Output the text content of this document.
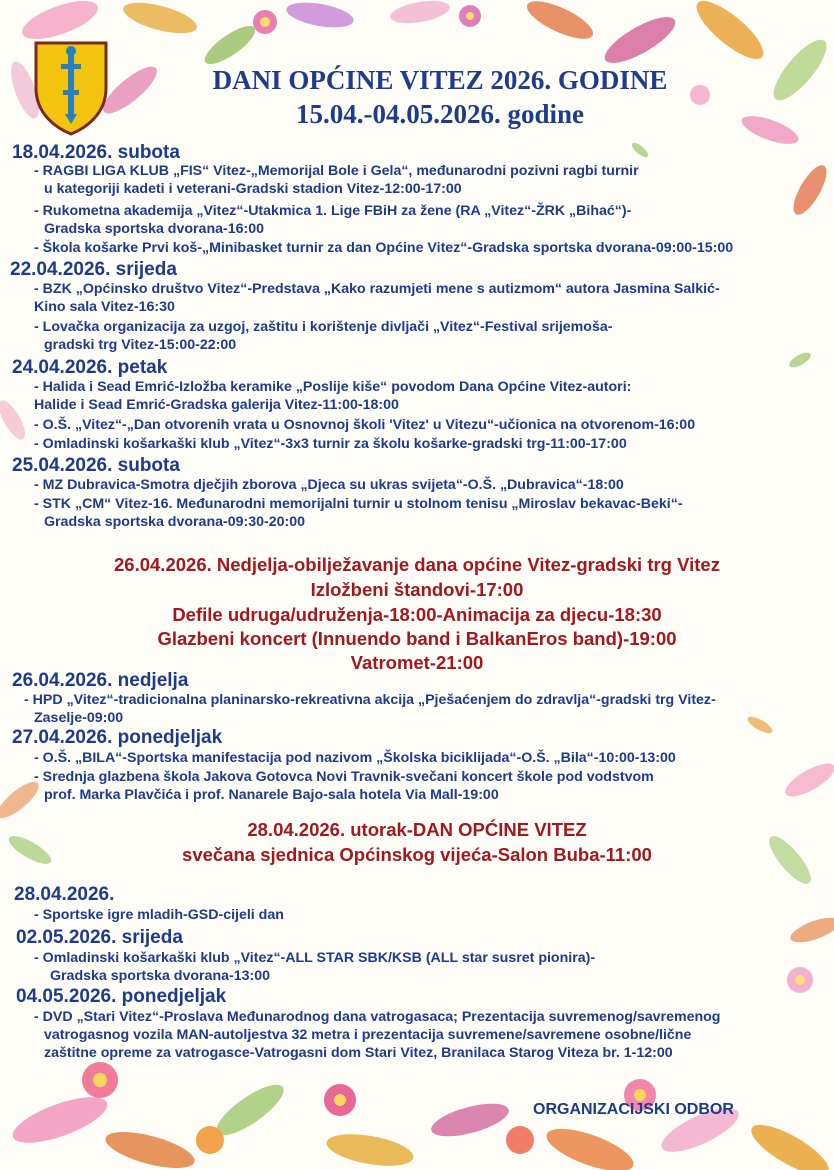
DANI OPĆINE VITEZ 2026. GODINE
15.04.-04.05.2026. godine
18.04.2026. subota
- RAGBI LIGA KLUB „FIS“ Vitez-„Memorijal Bole i Gela“, međunarodni pozivni ragbi turnir
u kategoriji kadeti i veterani-Gradski stadion Vitez-12:00-17:00
- Rukometna akademija „Vitez“-Utakmica 1. Lige FBiH za žene (RA „Vitez“-ŽRK „Bihać“)-
Gradska sportska dvorana-16:00
- Škola košarke Prvi koš-„Minibasket turnir za dan Općine Vitez“-Gradska sportska dvorana-09:00-15:00
22.04.2026. srijeda
- BZK „Općinsko društvo Vitez“-Predstava „Kako razumjeti mene s autizmom“ autora Jasmina Salkić-
Kino sala Vitez-16:30
- Lovačka organizacija za uzgoj, zaštitu i korištenje divljači „Vitez“-Festival srijemoša-
gradski trg Vitez-15:00-22:00
24.04.2026. petak
- Halida i Sead Emrić-Izložba keramike „Poslije kiše“ povodom Dana Općine Vitez-autori:
Halide i Sead Emrić-Gradska galerija Vitez-11:00-18:00
- O.Š. „Vitez“-„Dan otvorenih vrata u Osnovnoj školi 'Vitez' u Vitezu“-učionica na otvorenom-16:00
- Omladinski košarkaški klub „Vitez“-3x3 turnir za školu košarke-gradski trg-11:00-17:00
25.04.2026. subota
- MZ Dubravica-Smotra dječjih zborova „Djeca su ukras svijeta“-O.Š. „Dubravica“-18:00
- STK „CM“ Vitez-16. Međunarodni memorijalni turnir u stolnom tenisu „Miroslav bekavac-Beki“-
Gradska sportska dvorana-09:30-20:00
26.04.2026. Nedjelja-obilježavanje dana općine Vitez-gradski trg Vitez
Izložbeni štandovi-17:00
Defile udruga/udruženja-18:00-Animacija za djecu-18:30
Glazbeni koncert (Innuendo band i BalkanEros band)-19:00
Vatromet-21:00
26.04.2026. nedjelja
- HPD „Vitez“-tradicionalna planinarsko-rekreativna akcija „Pješaćenjem do zdravlja“-gradski trg Vitez-
Zaselje-09:00
27.04.2026. ponedjeljak
- O.Š. „BILA“-Sportska manifestacija pod nazivom „Školska biciklijada“-O.Š. „Bila“-10:00-13:00
- Srednja glazbena škola Jakova Gotovca Novi Travnik-svečani koncert škole pod vodstvom
prof. Marka Plavčića i prof. Nanarele Bajo-sala hotela Via Mall-19:00
28.04.2026. utorak-DAN OPĆINE VITEZ
svečana sjednica Općinskog vijeća-Salon Buba-11:00
28.04.2026.
- Sportske igre mladih-GSD-cijeli dan
02.05.2026. srijeda
- Omladinski košarkaški klub „Vitez“-ALL STAR SBK/KSB (ALL star susret pionira)-
Gradska sportska dvorana-13:00
04.05.2026. ponedjeljak
- DVD „Stari Vitez“-Proslava Međunarodnog dana vatrogasaca; Prezentacija suvremenog/savremenog
vatrogasnog vozila MAN-autoljestva 32 metra i prezentacija suvremene/savremene osobne/lične
zaštitne opreme za vatrogasce-Vatrogasni dom Stari Vitez, Branilaca Starog Viteza br. 1-12:00
ORGANIZACIJSKI ODBOR
